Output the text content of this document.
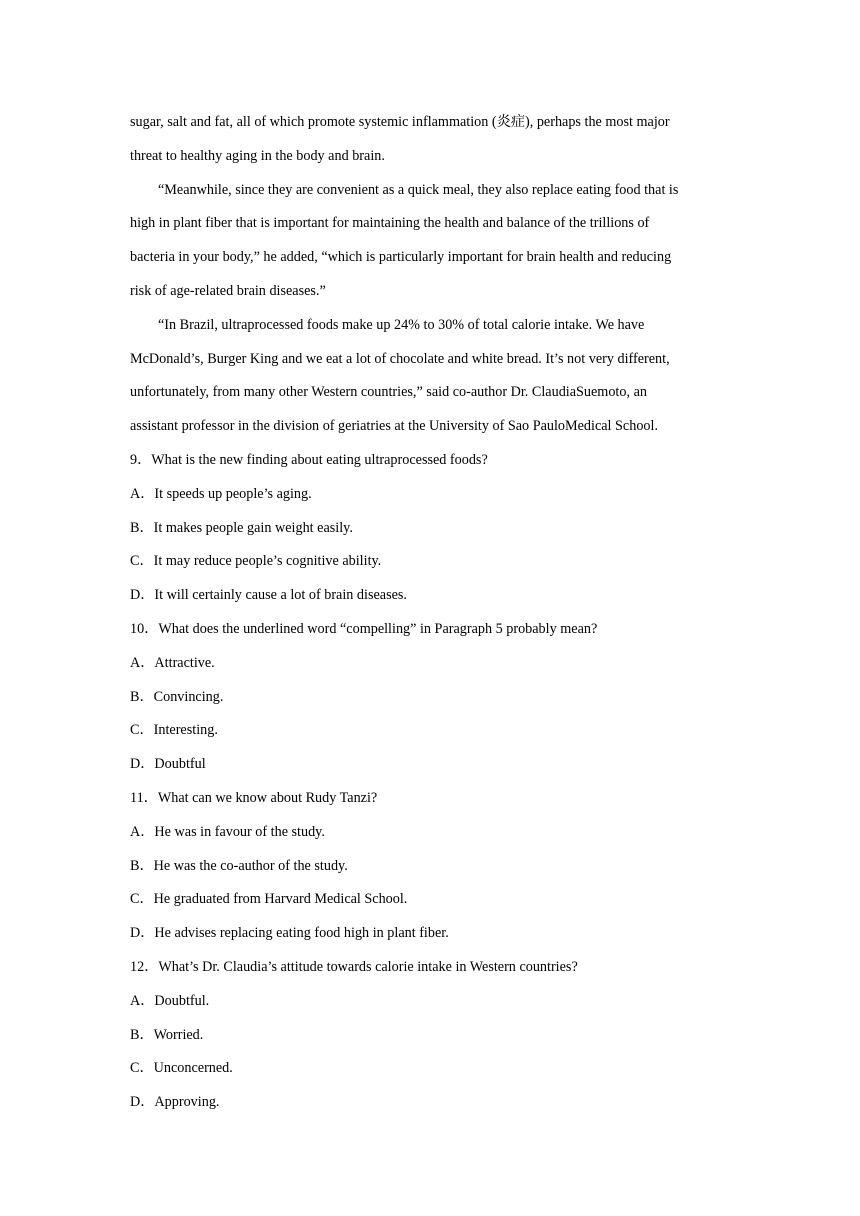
sugar, salt and fat, all of which promote systemic inflammation (炎症), perhaps the most major

threat to healthy aging in the body and brain.

“Meanwhile, since they are convenient as a quick meal, they also replace eating food that is

high in plant fiber that is important for maintaining the health and balance of the trillions of

bacteria in your body,” he added, “which is particularly important for brain health and reducing

risk of age-related brain diseases.”

“In Brazil, ultraprocessed foods make up 24% to 30% of total calorie intake. We have

McDonald’s, Burger King and we eat a lot of chocolate and white bread. It’s not very different,

unfortunately, from many other Western countries,” said co-author Dr. ClaudiaSuemoto, an

assistant professor in the division of geriatries at the University of Sao PauloMedical School.

9．What is the new finding about eating ultraprocessed foods?

A．It speeds up people’s aging.

B．It makes people gain weight easily.

C．It may reduce people’s cognitive ability.

D．It will certainly cause a lot of brain diseases.

10．What does the underlined word “compelling” in Paragraph 5 probably mean?

A．Attractive.

B．Convincing.

C．Interesting.

D．Doubtful

11．What can we know about Rudy Tanzi?

A．He was in favour of the study.

B．He was the co-author of the study.

C．He graduated from Harvard Medical School.

D．He advises replacing eating food high in plant fiber.

12．What’s Dr. Claudia’s attitude towards calorie intake in Western countries?

A．Doubtful.

B．Worried.

C．Unconcerned.

D．Approving.
